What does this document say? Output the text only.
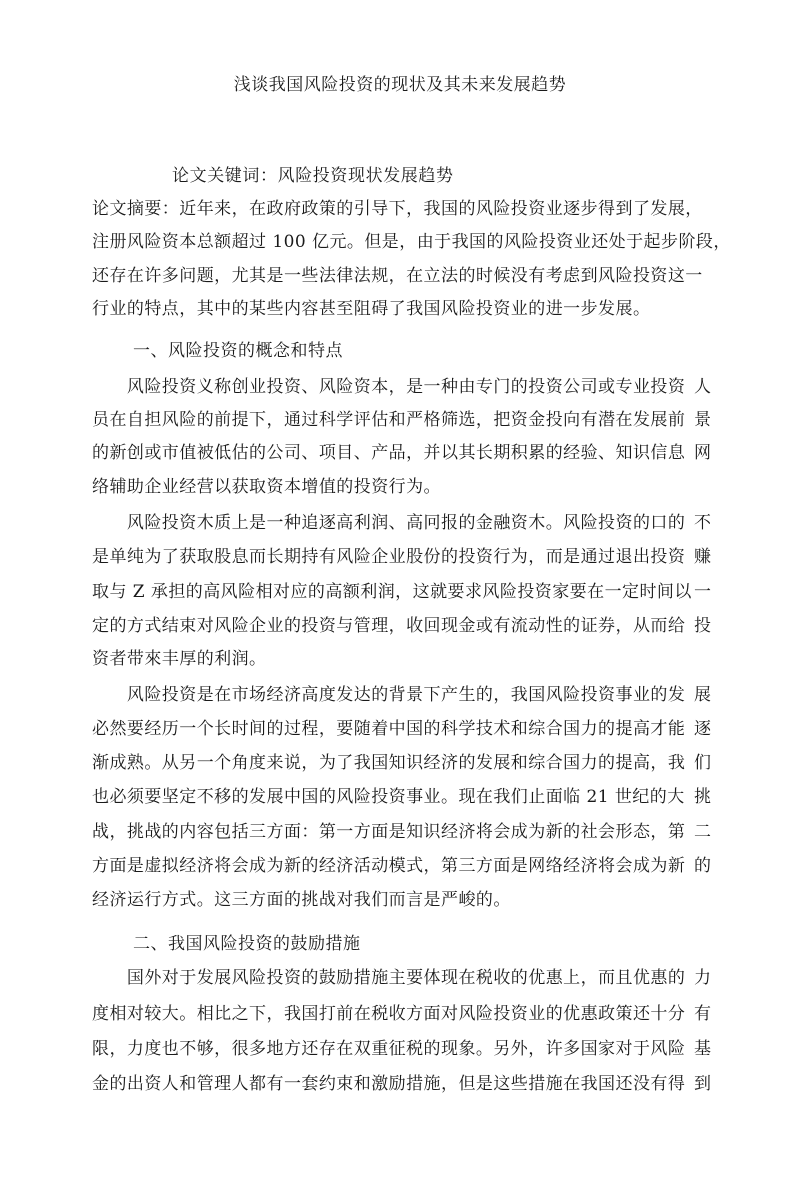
浅谈我国风险投资的现状及其未来发展趋势
论文关键词：风险投资现状发展趋势
论文摘要：近年来，在政府政策的引导下，我国的风险投资业逐步得到了发展，
注册风险资本总额超过 100 亿元。但是，由于我国的风险投资业还处于起步阶段，
还存在许多问题，尤其是一些法律法规，在立法的时候没有考虑到风险投资这一
行业的特点，其中的某些内容甚至阻碍了我国风险投资业的进一步发展。
一、风险投资的概念和特点
　　风险投资义称创业投资、风险资本，是一种由专门的投资公司或专业投资 人
员在自担风险的前提下，通过科学评估和严格筛选，把资金投向有潜在发展前 景
的新创或市值被低估的公司、项目、产品，并以其长期积累的经验、知识信息 网
络辅助企业经营以获取资本增值的投资行为。
　　风险投资木质上是一种追逐高利润、高冋报的金融资木。风险投资的口的 不
是单纯为了获取股息而长期持有风险企业股份的投资行为，而是通过退出投资 赚
取与 Z 承担的高风险相对应的高额利润，这就要求风险投资家要在一定时间以 一
定的方式结束对风险企业的投资与管理，收回现金或有流动性的证券，从而给 投
资者带來丰厚的利润。
　　风险投资是在市场经济高度发达的背景下产生的，我国风险投资事业的发 展
必然要经历一个长时间的过程，要随着中国的科学技术和综合国力的提高才能 逐
渐成熟。从另一个角度来说，为了我国知识经济的发展和综合国力的提高，我 们
也必须要坚定不移的发展中国的风险投资事业。现在我们止面临 21 世纪的大 挑
战，挑战的内容包括三方面：第一方面是知识经济将会成为新的社会形态，第 二
方面是虚拟经济将会成为新的经济活动模式，第三方面是网络经济将会成为新 的
经济运行方式。这三方面的挑战对我们而言是严峻的。
二、我国风险投资的鼓励措施
　　国外对于发展风险投资的鼓励措施主要体现在税收的优惠上，而且优惠的 力
度相对较大。相比之下，我国打前在税收方面对风险投资业的优惠政策还十分 有
限，力度也不够，很多地方还存在双重征税的现象。另外，许多国家对于风险 基
金的出资人和管理人都有一套约束和激励措施，但是这些措施在我国还没有得 到
